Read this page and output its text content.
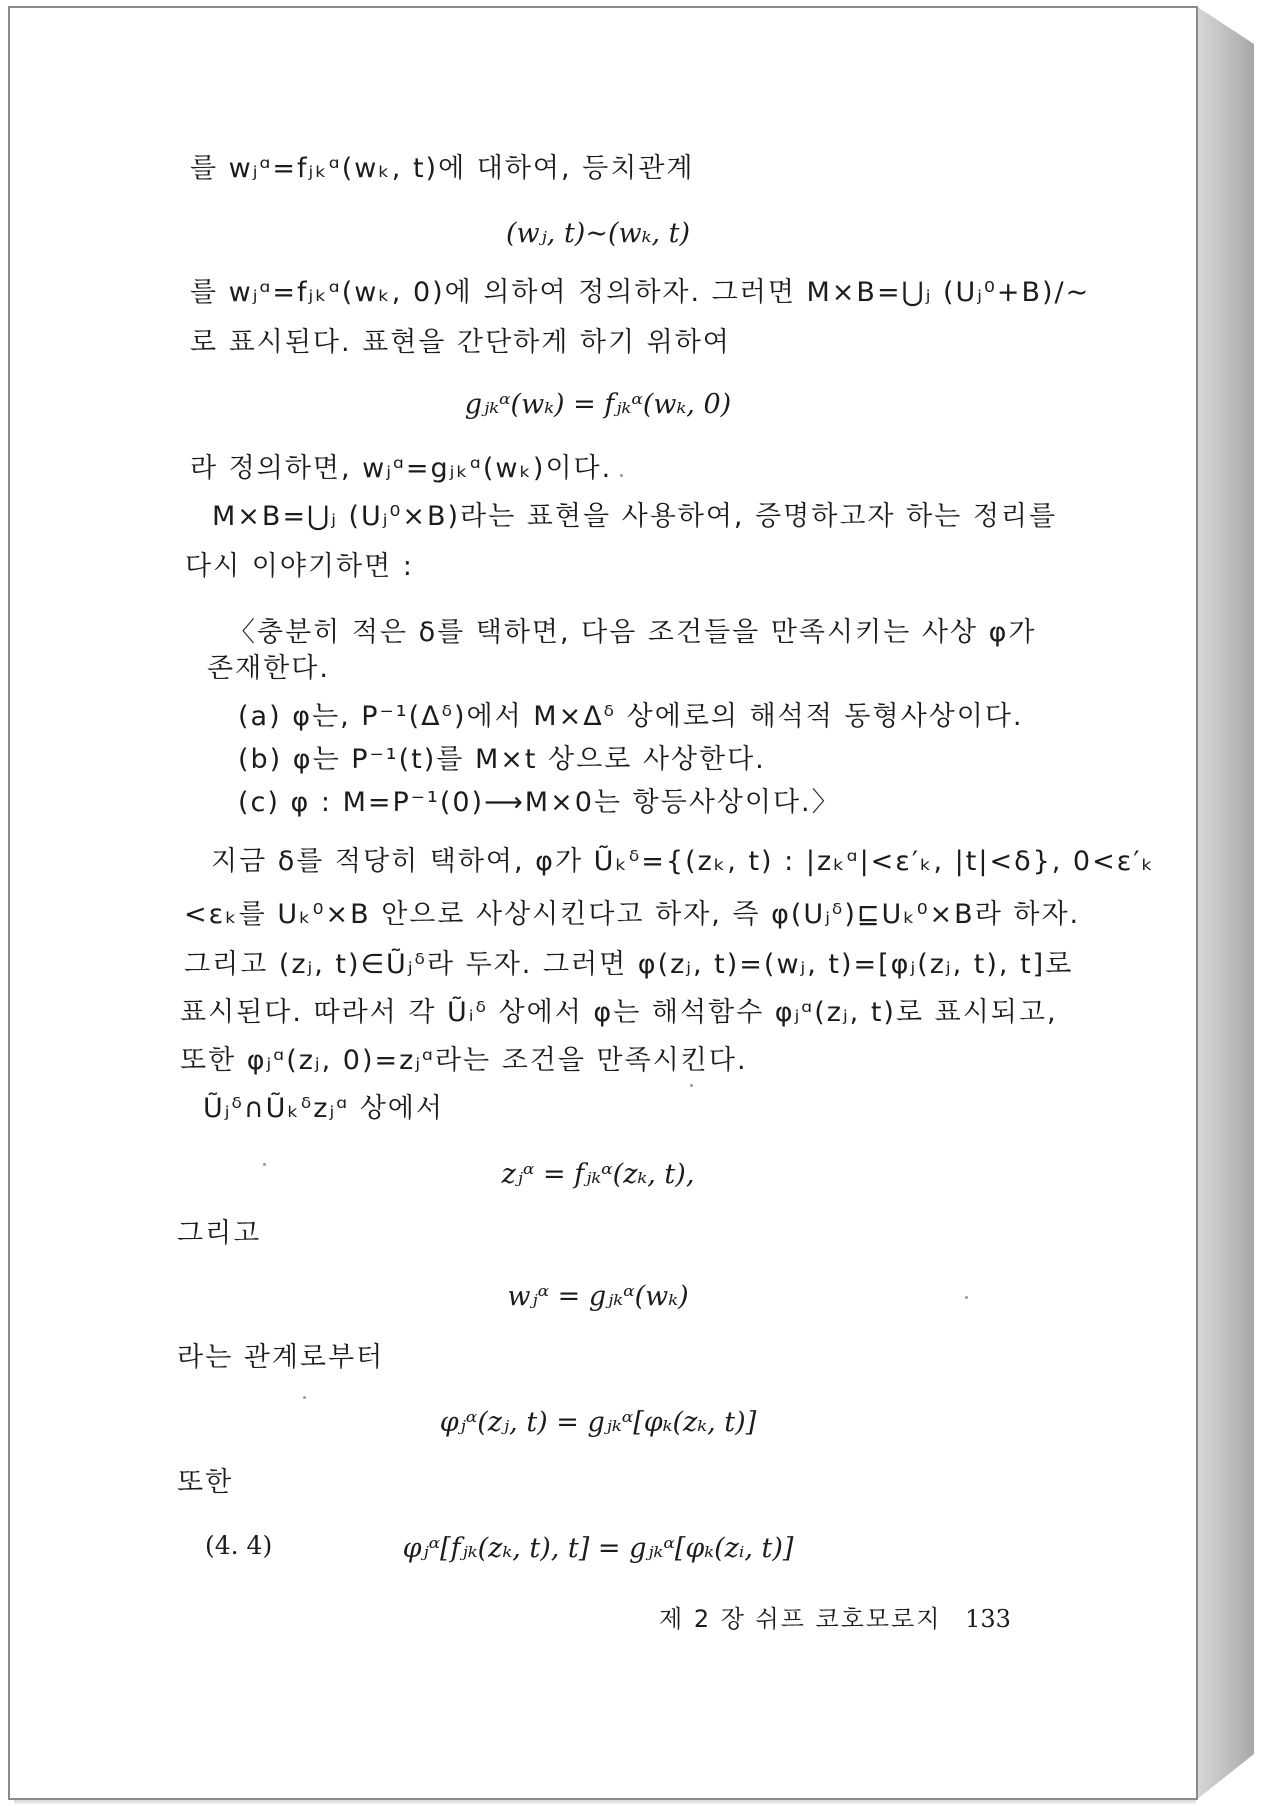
를 wⱼᵅ=fⱼₖᵅ(wₖ, t)에 대하여, 등치관계
(wⱼ, t)∼(wₖ, t)
를 wⱼᵅ=fⱼₖᵅ(wₖ, 0)에 의하여 정의하자. 그러면 M×B=⋃ⱼ (Uⱼ⁰+B)/∼
로 표시된다. 표현을 간단하게 하기 위하여
gⱼₖᵅ(wₖ) = fⱼₖᵅ(wₖ, 0)
라 정의하면, wⱼᵅ=gⱼₖᵅ(wₖ)이다.
M×B=⋃ⱼ (Uⱼ⁰×B)라는 표현을 사용하여, 증명하고자 하는 정리를
다시 이야기하면 :
〈충분히 적은 δ를 택하면, 다음 조건들을 만족시키는 사상 φ가
존재한다.
(a) φ는, P⁻¹(Δᵟ)에서 M×Δᵟ 상에로의 해석적 동형사상이다.
(b) φ는 P⁻¹(t)를 M×t 상으로 사상한다.
(c) φ : M=P⁻¹(0)⟶M×0는 항등사상이다.〉
지금 δ를 적당히 택하여, φ가 Ũₖᵟ={(zₖ, t) : |zₖᵅ|<ε′ₖ, |t|<δ}, 0<ε′ₖ
<εₖ를 Uₖ⁰×B 안으로 사상시킨다고 하자, 즉 φ(Uⱼᵟ)⊑Uₖ⁰×B라 하자.
그리고 (zⱼ, t)∈Ũⱼᵟ라 두자. 그러면 φ(zⱼ, t)=(wⱼ, t)=[φⱼ(zⱼ, t), t]로
표시된다. 따라서 각 Ũᵢᵟ 상에서 φ는 해석함수 φⱼᵅ(zⱼ, t)로 표시되고,
또한 φⱼᵅ(zⱼ, 0)=zⱼᵅ라는 조건을 만족시킨다.
Ũⱼᵟ∩Ũₖᵟzⱼᵅ 상에서
zⱼᵅ = fⱼₖᵅ(zₖ, t),
그리고
wⱼᵅ = gⱼₖᵅ(wₖ)
라는 관계로부터
φⱼᵅ(zⱼ, t) = gⱼₖᵅ[φₖ(zₖ, t)]
또한
(4. 4)	φⱼᵅ[fⱼₖ(zₖ, t), t] = gⱼₖᵅ[φₖ(zᵢ, t)]
제 2 장 쉬프 코호모로지 133
